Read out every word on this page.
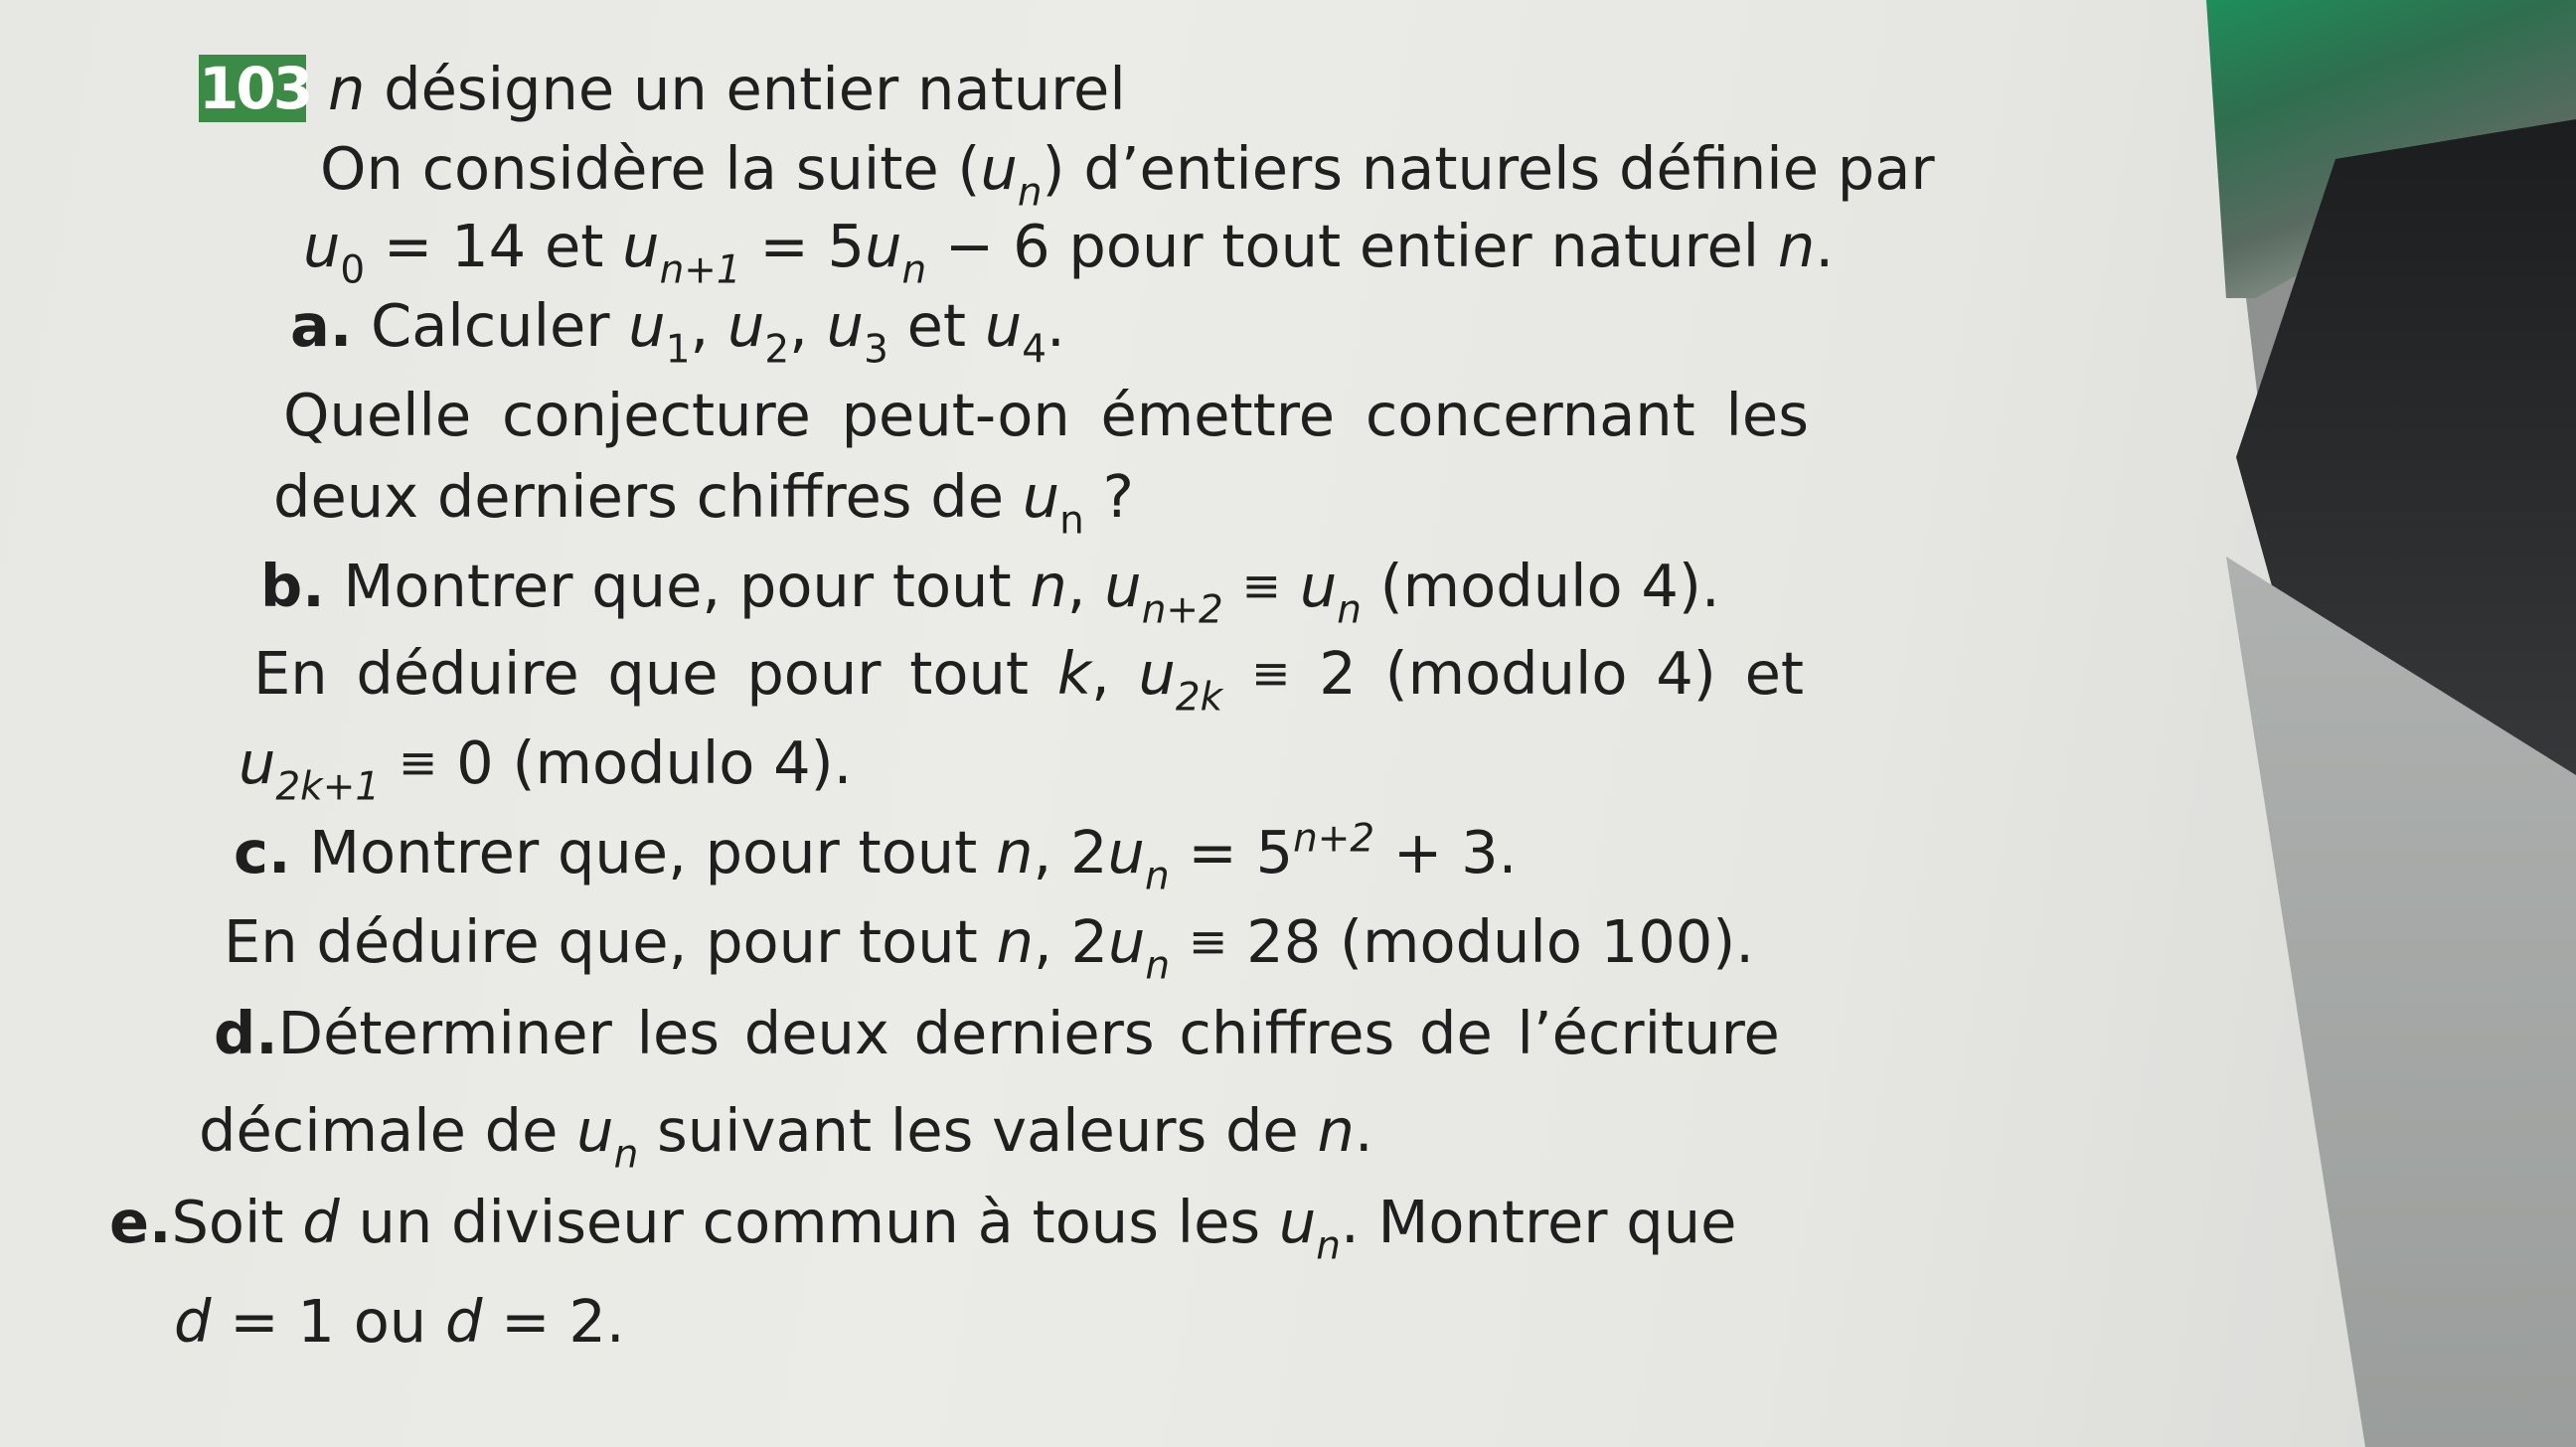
103 n désigne un entier naturel
On considère la suite $(u_n)$ d’entiers naturels définie par
$u_0 = 14$ et $u_{n+1} = 5u_n - 6$ pour tout entier naturel n.
a. Calculer $u_1$, $u_2$, $u_3$ et $u_4$.
Quelle conjecture peut-on émettre concernant les
deux derniers chiffres de $u_n$ ?
b. Montrer que, pour tout n, $u_{n+2} \equiv u_n$ (modulo 4).
En déduire que pour tout k, $u_{2k} \equiv 2$ (modulo 4) et
$u_{2k+1} \equiv 0$ (modulo 4).
c. Montrer que, pour tout n, $2u_n = 5^{n+2} + 3$.
En déduire que, pour tout n, $2u_n \equiv 28$ (modulo 100).
d.Déterminer les deux derniers chiffres de l’écriture
décimale de $u_n$ suivant les valeurs de n.
e.Soit d un diviseur commun à tous les $u_n$. Montrer que
d = 1 ou d = 2.
